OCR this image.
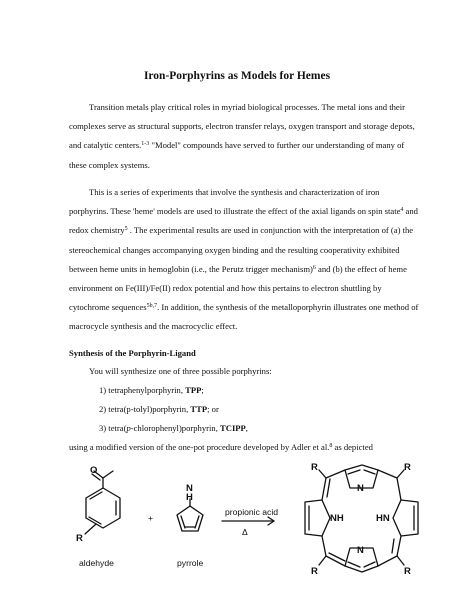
Iron-Porphyrins as Models for Hemes

Transition metals play critical roles in myriad biological processes. The metal ions and their complexes serve as structural supports, electron transfer relays, oxygen transport and storage depots, and catalytic centers.$^{1-3}$ "Model" compounds have served to further our understanding of many of these complex systems.

This is a series of experiments that involve the synthesis and characterization of iron porphyrins. These 'heme' models are used to illustrate the effect of the axial ligands on spin state$^4$ and redox chemistry$^5$ . The experimental results are used in conjunction with the interpretation of (a) the stereochemical changes accompanying oxygen binding and the resulting cooperativity exhibited between heme units in hemoglobin (i.e., the Perutz trigger mechanism)$^6$ and (b) the effect of heme environment on Fe(III)/Fe(II) redox potential and how this pertains to electron shuttling by cytochrome sequences$^{5b,7}$. In addition, the synthesis of the metalloporphyrin illustrates one method of macrocycle synthesis and the macrocyclic effect.

Synthesis of the Porphyrin-Ligand
You will synthesize one of three possible porphyrins:
1) tetraphenylporphyrin, TPP;
2) tetra(p-tolyl)porphyrin, TTP; or
3) tetra(p-chlorophenyl)porphyrin, TCIPP,
using a modified version of the one-pot procedure developed by Adler et al.$^8$ as depicted
O
R
N
H
N
N
NH	HN
R	R
R	R
+
propionic acid
Δ
aldehyde	pyrrole
